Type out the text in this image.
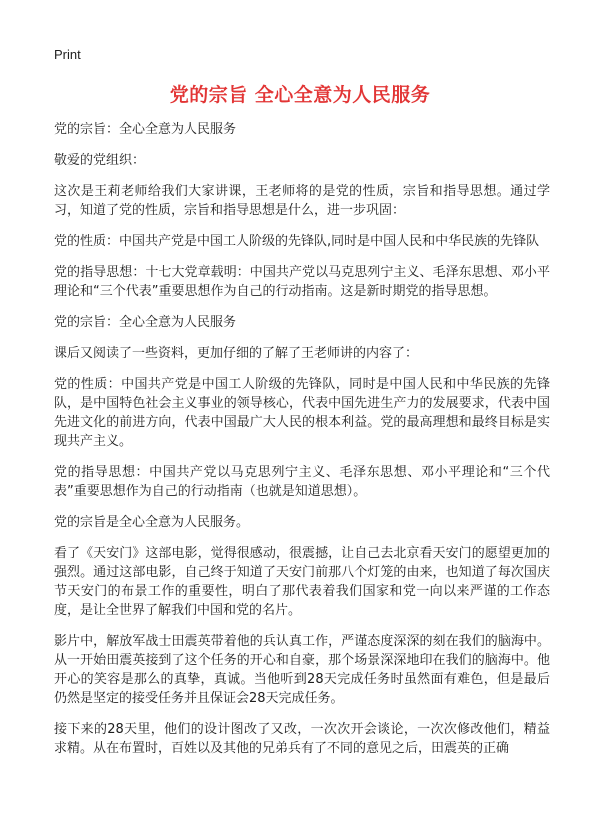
Print
党的宗旨 全心全意为人民服务

党的宗旨：全心全意为人民服务

敬爱的党组织：

这次是王莉老师给我们大家讲课，王老师将的是党的性质，宗旨和指导思想。通过学习，知道了党的性质，宗旨和指导思想是什么，进一步巩固：

党的性质：中国共产党是中国工人阶级的先锋队,同时是中国人民和中华民族的先锋队

党的指导思想：十七大党章载明：中国共产党以马克思列宁主义、毛泽东思想、邓小平理论和“三个代表”重要思想作为自己的行动指南。这是新时期党的指导思想。

党的宗旨：全心全意为人民服务

课后又阅读了一些资料，更加仔细的了解了王老师讲的内容了：

党的性质：中国共产党是中国工人阶级的先锋队，同时是中国人民和中华民族的先锋队，是中国特色社会主义事业的领导核心，代表中国先进生产力的发展要求，代表中国先进文化的前进方向，代表中国最广大人民的根本利益。党的最高理想和最终目标是实现共产主义。

党的指导思想：中国共产党以马克思列宁主义、毛泽东思想、邓小平理论和“三个代表”重要思想作为自己的行动指南（也就是知道思想）。

党的宗旨是全心全意为人民服务。

看了《天安门》这部电影，觉得很感动，很震撼，让自己去北京看天安门的愿望更加的强烈。通过这部电影，自己终于知道了天安门前那八个灯笼的由来，也知道了每次国庆节天安门的布景工作的重要性，明白了那代表着我们国家和党一向以来严谨的工作态度，是让全世界了解我们中国和党的名片。

影片中，解放军战士田震英带着他的兵认真工作，严谨态度深深的刻在我们的脑海中。从一开始田震英接到了这个任务的开心和自豪，那个场景深深地印在我们的脑海中。他开心的笑容是那么的真挚，真诚。当他听到28天完成任务时虽然面有难色，但是最后仍然是坚定的接受任务并且保证会28天完成任务。

接下来的28天里，他们的设计图改了又改，一次次开会谈论，一次次修改他们，精益求精。从在布置时，百姓以及其他的兄弟兵有了不同的意见之后，田震英的正确
